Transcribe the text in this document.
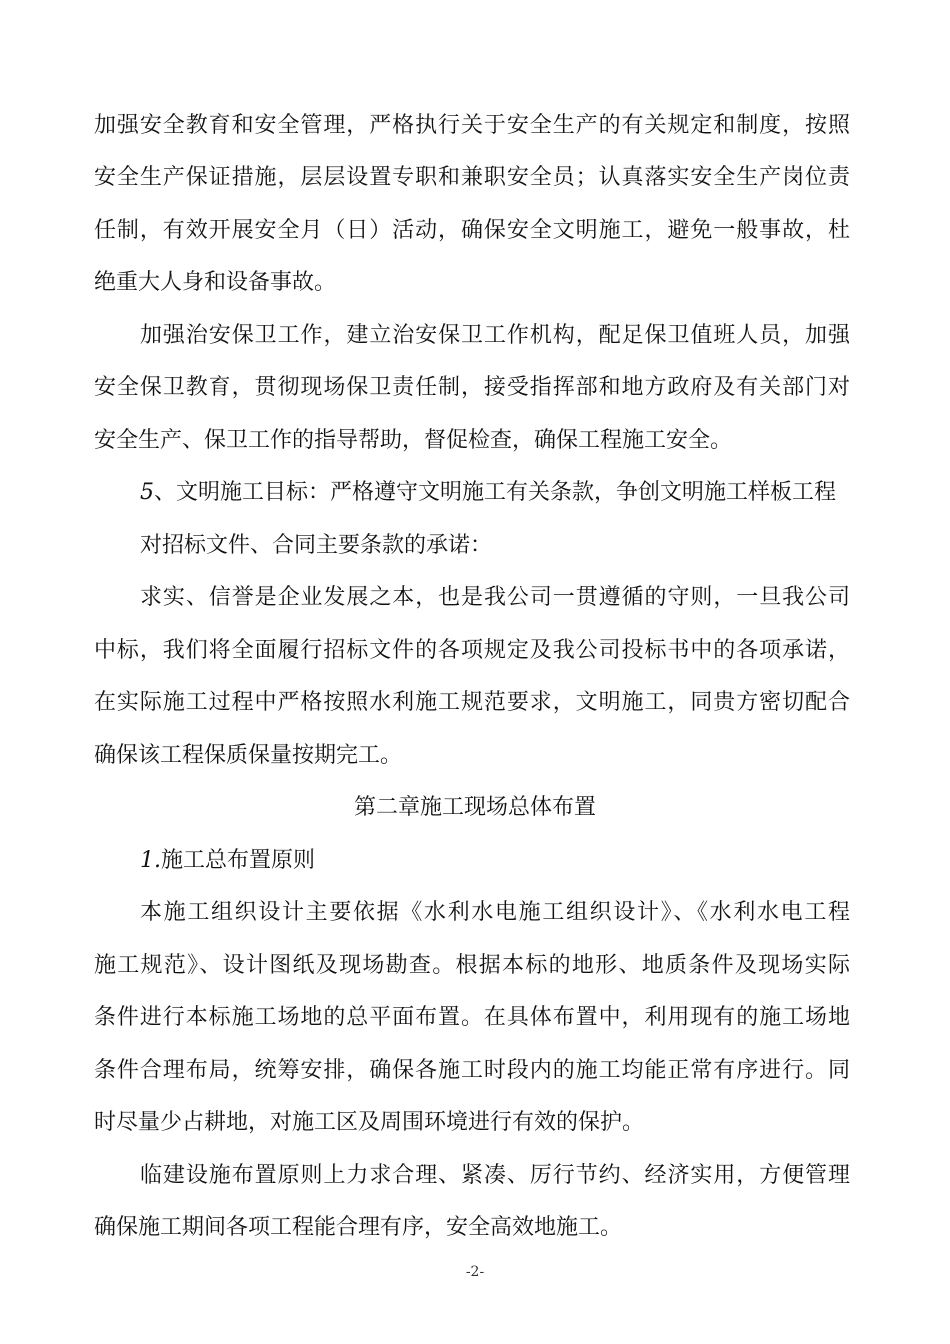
加强安全教育和安全管理，严格执行关于安全生产的有关规定和制度，按照
安全生产保证措施，层层设置专职和兼职安全员；认真落实安全生产岗位责
任制，有效开展安全月（日）活动，确保安全文明施工，避免一般事故，杜
绝重大人身和设备事故。
加强治安保卫工作，建立治安保卫工作机构，配足保卫值班人员，加强
安全保卫教育，贯彻现场保卫责任制，接受指挥部和地方政府及有关部门对
安全生产、保卫工作的指导帮助，督促检查，确保工程施工安全。
5、文明施工目标：严格遵守文明施工有关条款，争创文明施工样板工程
对招标文件、合同主要条款的承诺：
求实、信誉是企业发展之本，也是我公司一贯遵循的守则，一旦我公司
中标，我们将全面履行招标文件的各项规定及我公司投标书中的各项承诺，
在实际施工过程中严格按照水利施工规范要求，文明施工，同贵方密切配合
确保该工程保质保量按期完工。
第二章施工现场总体布置
1.施工总布置原则
本施工组织设计主要依据《水利水电施工组织设计》、《水利水电工程
施工规范》、设计图纸及现场勘查。根据本标的地形、地质条件及现场实际
条件进行本标施工场地的总平面布置。在具体布置中，利用现有的施工场地
条件合理布局，统筹安排，确保各施工时段内的施工均能正常有序进行。同
时尽量少占耕地，对施工区及周围环境进行有效的保护。
临建设施布置原则上力求合理、紧凑、厉行节约、经济实用，方便管理
确保施工期间各项工程能合理有序，安全高效地施工。
-2-
